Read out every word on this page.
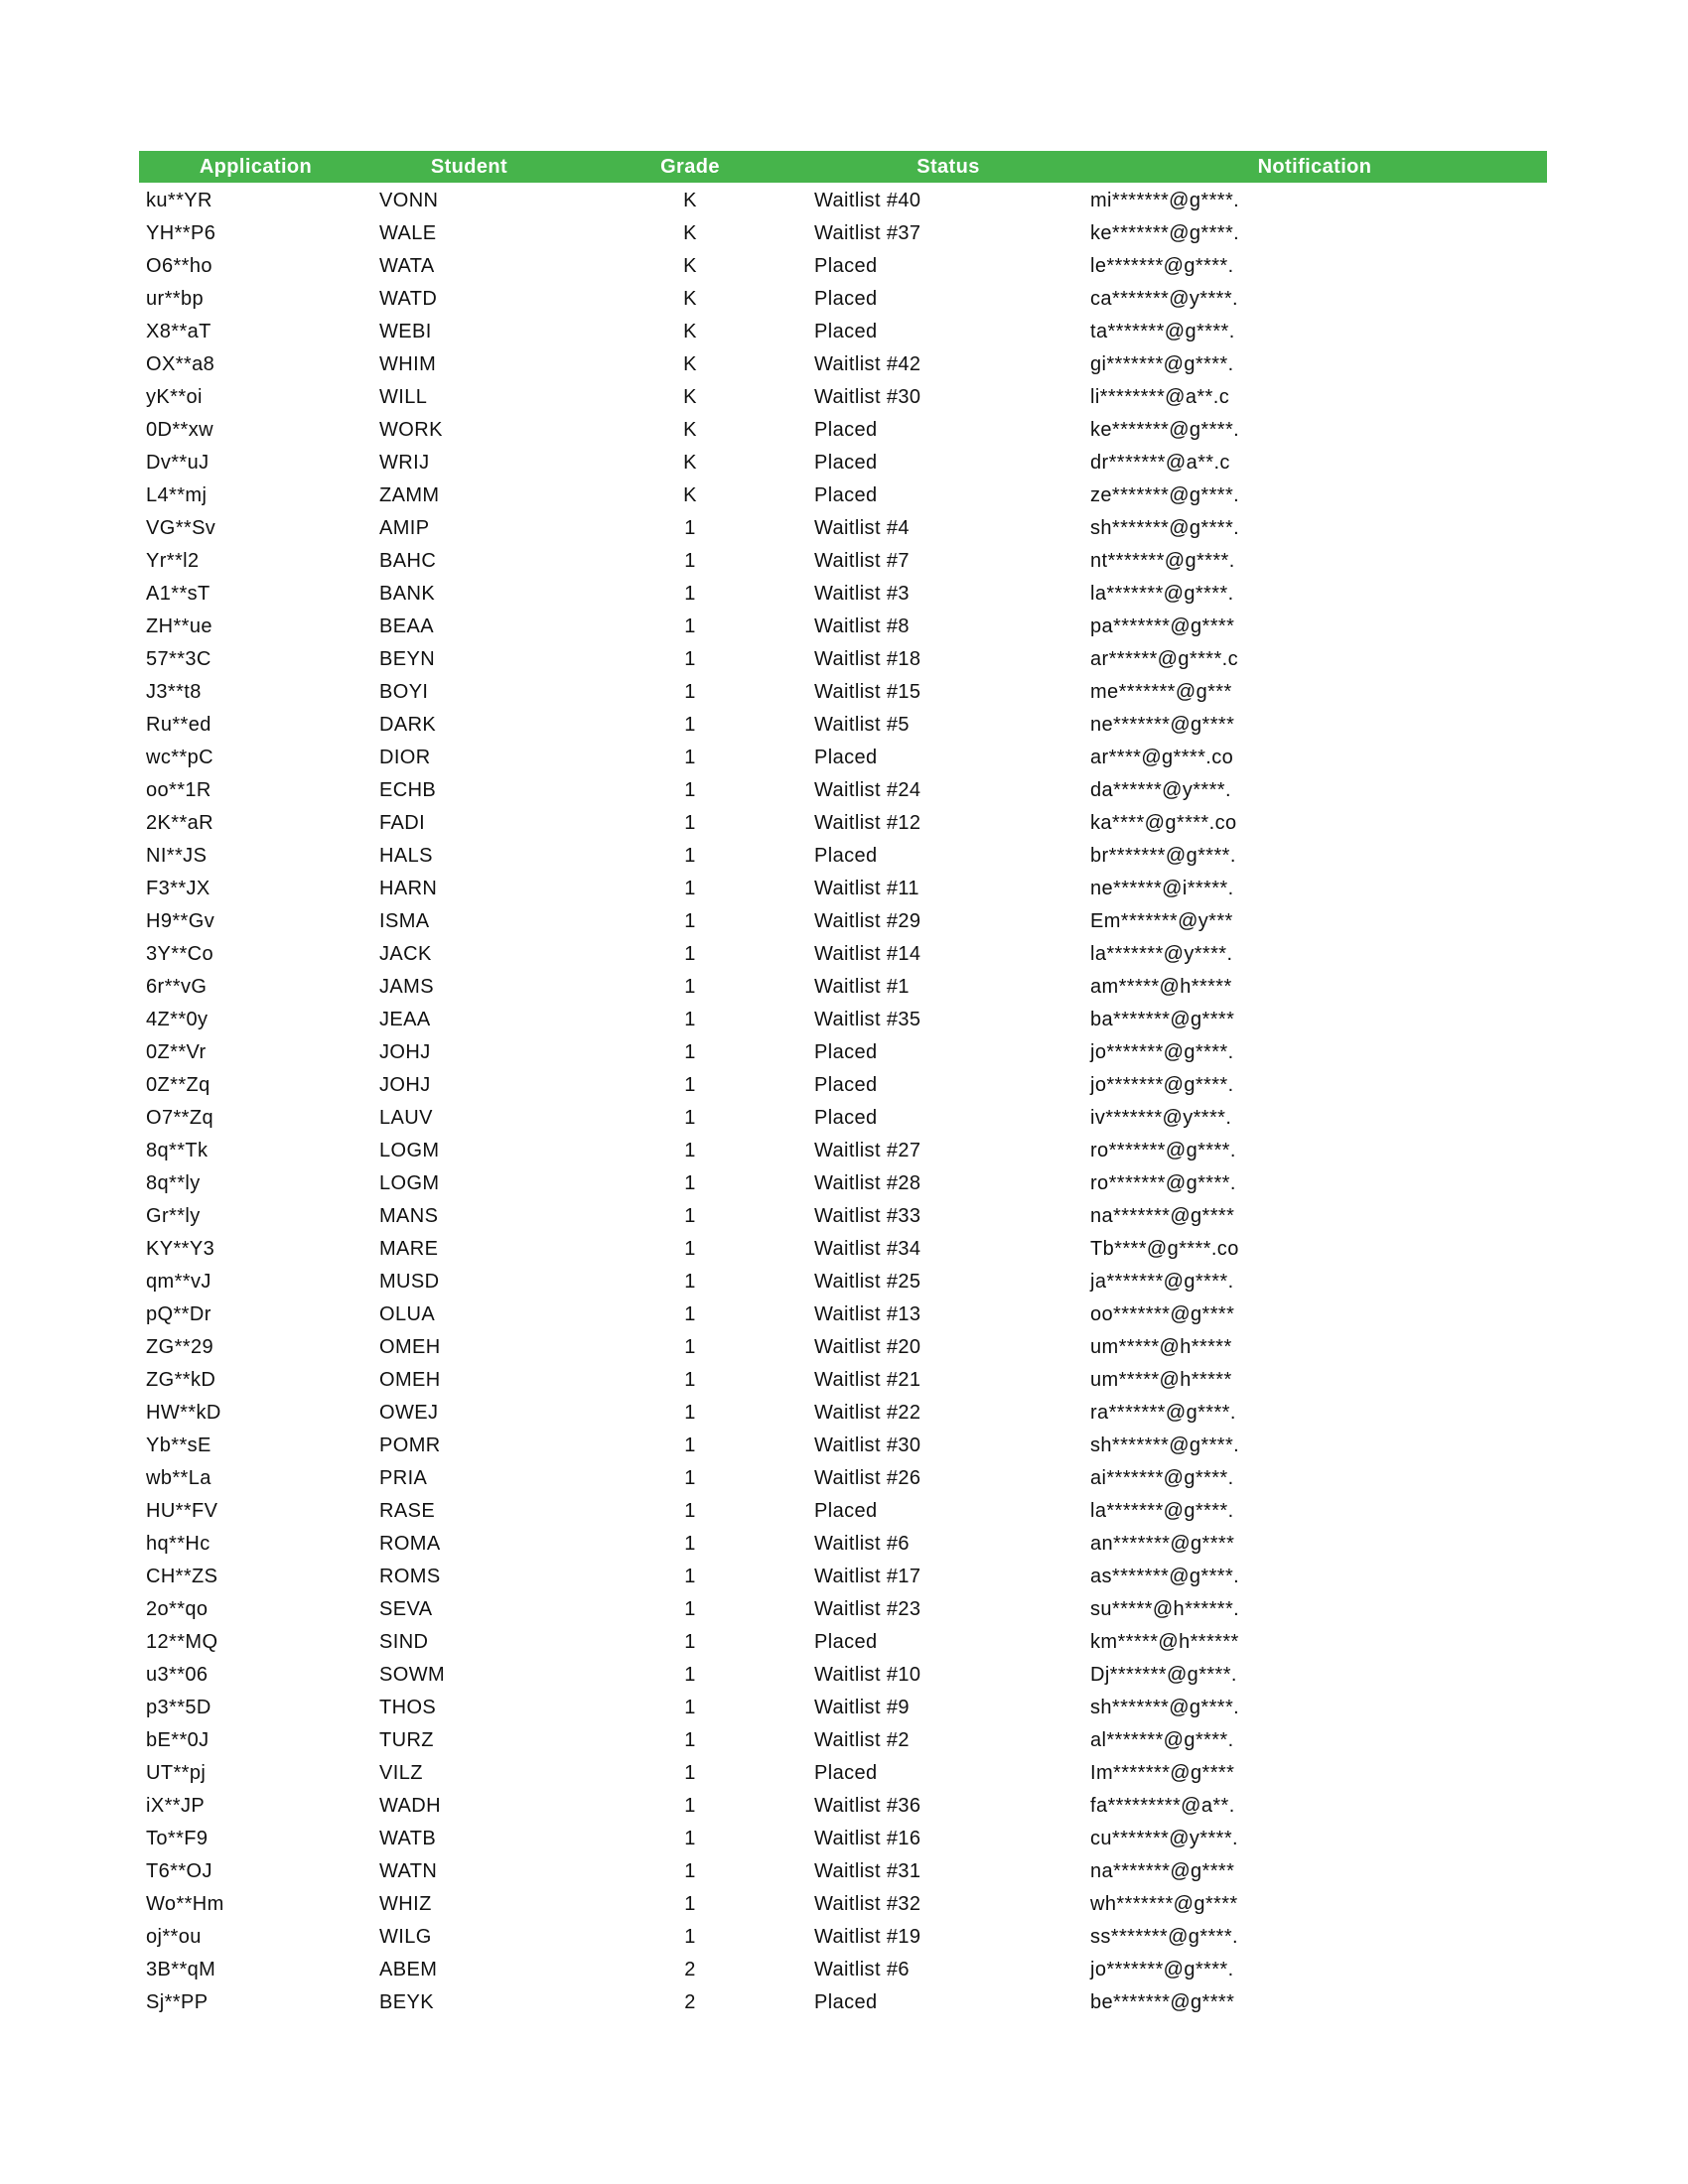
Application	Student	Grade	Status	Notification
ku**YR	VONN	K	Waitlist #40	mi*******@g****.
YH**P6	WALE	K	Waitlist #37	ke*******@g****.
O6**ho	WATA	K	Placed	le*******@g****.
ur**bp	WATD	K	Placed	ca*******@y****.
X8**aT	WEBI	K	Placed	ta*******@g****.
OX**a8	WHIM	K	Waitlist #42	gi*******@g****.
yK**oi	WILL	K	Waitlist #30	li********@a**.c
0D**xw	WORK	K	Placed	ke*******@g****.
Dv**uJ	WRIJ	K	Placed	dr*******@a**.c
L4**mj	ZAMM	K	Placed	ze*******@g****.
VG**Sv	AMIP	1	Waitlist #4	sh*******@g****.
Yr**l2	BAHC	1	Waitlist #7	nt*******@g****.
A1**sT	BANK	1	Waitlist #3	la*******@g****.
ZH**ue	BEAA	1	Waitlist #8	pa*******@g****
57**3C	BEYN	1	Waitlist #18	ar******@g****.c
J3**t8	BOYI	1	Waitlist #15	me*******@g***
Ru**ed	DARK	1	Waitlist #5	ne*******@g****
wc**pC	DIOR	1	Placed	ar****@g****.co
oo**1R	ECHB	1	Waitlist #24	da******@y****.
2K**aR	FADI	1	Waitlist #12	ka****@g****.co
NI**JS	HALS	1	Placed	br*******@g****.
F3**JX	HARN	1	Waitlist #11	ne******@i*****.
H9**Gv	ISMA	1	Waitlist #29	Em*******@y***
3Y**Co	JACK	1	Waitlist #14	la*******@y****.
6r**vG	JAMS	1	Waitlist #1	am*****@h*****
4Z**0y	JEAA	1	Waitlist #35	ba*******@g****
0Z**Vr	JOHJ	1	Placed	jo*******@g****.
0Z**Zq	JOHJ	1	Placed	jo*******@g****.
O7**Zq	LAUV	1	Placed	iv*******@y****.
8q**Tk	LOGM	1	Waitlist #27	ro*******@g****.
8q**ly	LOGM	1	Waitlist #28	ro*******@g****.
Gr**ly	MANS	1	Waitlist #33	na*******@g****
KY**Y3	MARE	1	Waitlist #34	Tb****@g****.co
qm**vJ	MUSD	1	Waitlist #25	ja*******@g****.
pQ**Dr	OLUA	1	Waitlist #13	oo*******@g****
ZG**29	OMEH	1	Waitlist #20	um*****@h*****
ZG**kD	OMEH	1	Waitlist #21	um*****@h*****
HW**kD	OWEJ	1	Waitlist #22	ra*******@g****.
Yb**sE	POMR	1	Waitlist #30	sh*******@g****.
wb**La	PRIA	1	Waitlist #26	ai*******@g****.
HU**FV	RASE	1	Placed	la*******@g****.
hq**Hc	ROMA	1	Waitlist #6	an*******@g****
CH**ZS	ROMS	1	Waitlist #17	as*******@g****.
2o**qo	SEVA	1	Waitlist #23	su*****@h******.
12**MQ	SIND	1	Placed	km*****@h******
u3**06	SOWM	1	Waitlist #10	Dj*******@g****.
p3**5D	THOS	1	Waitlist #9	sh*******@g****.
bE**0J	TURZ	1	Waitlist #2	al*******@g****.
UT**pj	VILZ	1	Placed	Im*******@g****
iX**JP	WADH	1	Waitlist #36	fa*********@a**.
To**F9	WATB	1	Waitlist #16	cu*******@y****.
T6**OJ	WATN	1	Waitlist #31	na*******@g****
Wo**Hm	WHIZ	1	Waitlist #32	wh*******@g****
oj**ou	WILG	1	Waitlist #19	ss*******@g****.
3B**qM	ABEM	2	Waitlist #6	jo*******@g****.
Sj**PP	BEYK	2	Placed	be*******@g****
